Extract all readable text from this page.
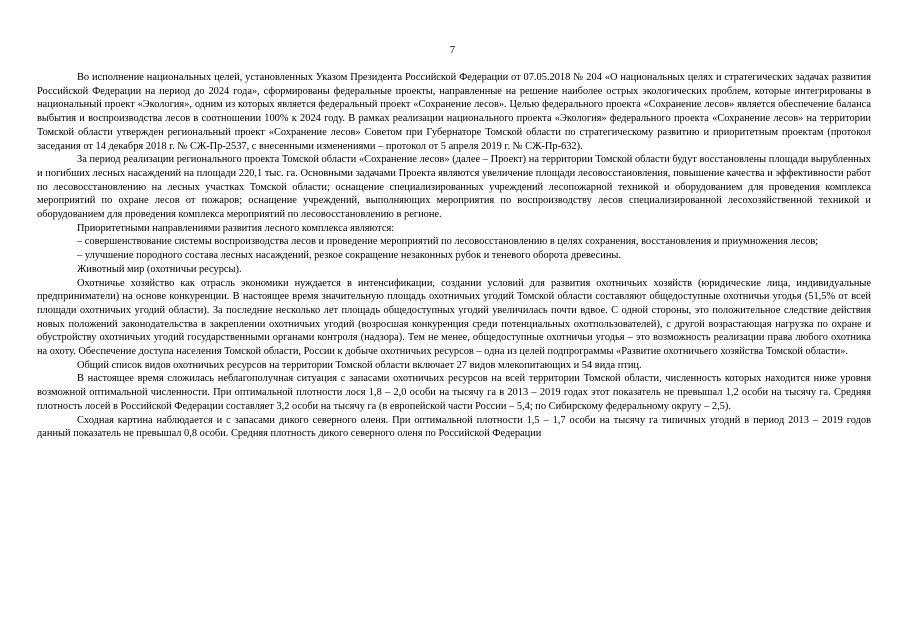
7

Во исполнение национальных целей, установленных Указом Президента Российской Федерации от 07.05.2018 № 204 «О национальных целях и стратегических задачах развития Российской Федерации на период до 2024 года», сформированы федеральные проекты, направленные на решение наиболее острых экологических проблем, которые интегрированы в национальный проект «Экология», одним из которых является федеральный проект «Сохранение лесов». Целью федерального проекта «Сохранение лесов» является обеспечение баланса выбытия и воспроизводства лесов в соотношении 100% к 2024 году. В рамках реализации национального проекта «Экология» федерального проекта «Сохранение лесов» на территории Томской области утвержден региональный проект «Сохранение лесов» Советом при Губернаторе Томской области по стратегическому развитию и приоритетным проектам (протокол заседания от 14 декабря 2018 г. № СЖ-Пр-2537, с внесенными изменениями – протокол от 5 апреля 2019 г. № СЖ-Пр-632).

За период реализации регионального проекта Томской области «Сохранение лесов» (далее – Проект) на территории Томской области будут восстановлены площади вырубленных и погибших лесных насаждений на площади 220,1 тыс. га. Основными задачами Проекта являются увеличение площади лесовосстановления, повышение качества и эффективности работ по лесовосстановлению на лесных участках Томской области; оснащение специализированных учреждений лесопожарной техникой и оборудованием для проведения комплекса мероприятий по охране лесов от пожаров; оснащение учреждений, выполняющих мероприятия по воспроизводству лесов специализированной лесохозяйственной техникой и оборудованием для проведения комплекса мероприятий по лесовосстановлению в регионе.

Приоритетными направлениями развития лесного комплекса являются:

– совершенствование системы воспроизводства лесов и проведение мероприятий по лесовосстановлению в целях сохранения, восстановления и приумножения лесов;

– улучшение породного состава лесных насаждений, резкое сокращение незаконных рубок и теневого оборота древесины.

Животный мир (охотничьи ресурсы).

Охотничье хозяйство как отрасль экономики нуждается в интенсификации, создании условий для развития охотничьих хозяйств (юридические лица, индивидуальные предприниматели) на основе конкуренции. В настоящее время значительную площадь охотничьих угодий Томской области составляют общедоступные охотничьи угодья (51,5% от всей площади охотничьих угодий области). За последние несколько лет площадь общедоступных угодий увеличилась почти вдвое. С одной стороны, это положительное следствие действия новых положений законодательства в закреплении охотничьих угодий (возросшая конкуренция среди потенциальных охотпользователей), с другой возрастающая нагрузка по охране и обустройству охотничьих угодий государственными органами контроля (надзора). Тем не менее, общедоступные охотничьи угодья – это возможность реализации права любого охотника на охоту. Обеспечение доступа населения Томской области, России к добыче охотничьих ресурсов – одна из целей подпрограммы «Развитие охотничьего хозяйства Томской области».

Общий список видов охотничьих ресурсов на территории Томской области включает 27 видов млекопитающих и 54 вида птиц.

В настоящее время сложилась неблагополучная ситуация с запасами охотничьих ресурсов на всей территории Томской области, численность которых находится ниже уровня возможной оптимальной численности. При оптимальной плотности лося 1,8 – 2,0 особи на тысячу га в 2013 – 2019 годах этот показатель не превышал 1,2 особи на тысячу га. Средняя плотность лосей в Российской Федерации составляет 3,2 особи на тысячу га (в европейской части России – 5,4; по Сибирскому федеральному округу – 2,5).

Сходная картина наблюдается и с запасами дикого северного оленя. При оптимальной плотности 1,5 – 1,7 особи на тысячу га типичных угодий в период 2013 – 2019 годов данный показатель не превышал 0,8 особи. Средняя плотность дикого северного оленя по Российской Федерации
